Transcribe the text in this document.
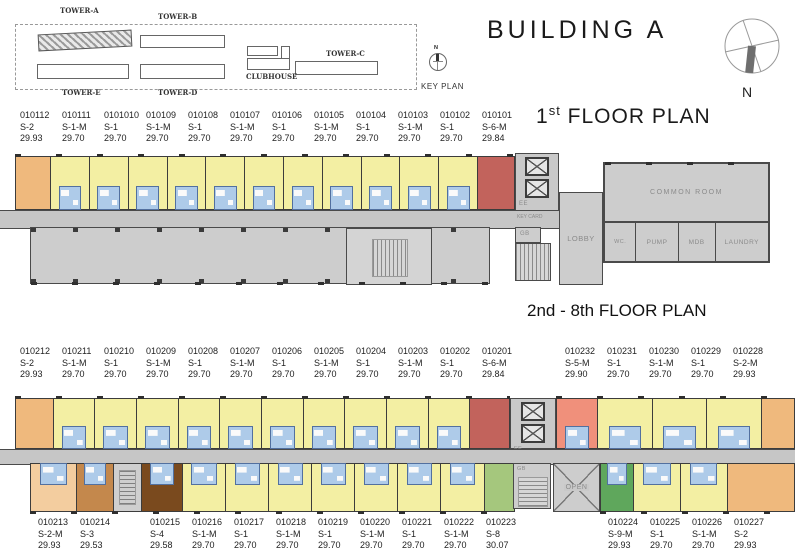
TOWER-A
TOWER-B
TOWER-C
TOWER-D
TOWER-E
CLUBHOUSE
N
KEY PLAN
BUILDING A
N
1st FLOOR PLAN
010112
S-2
29.93
010111
S-1-M
29.70
0101010
S-1
29.70
010109
S-1-M
29.70
010108
S-1
29.70
010107
S-1-M
29.70
010106
S-1
29.70
010105
S-1-M
29.70
010104
S-1
29.70
010103
S-1-M
29.70
010102
S-1
29.70
010101
S-6-M
29.84
EE
KEY CARD
GB	LOBBY
COMMON ROOM
WC.	PUMP	MDB	LAUNDRY
2nd - 8th FLOOR PLAN
010212
S-2
29.93
010211
S-1-M
29.70
010210
S-1
29.70
010209
S-1-M
29.70
010208
S-1
29.70
010207
S-1-M
29.70
010206
S-1
29.70
010205
S-1-M
29.70
010204
S-1
29.70
010203
S-1-M
29.70
010202
S-1
29.70
010201
S-6-M
29.84
010232
S-5-M
29.90
010231
S-1
29.70
010230
S-1-M
29.70
010229
S-1
29.70
010228
S-2-M
29.93
GB
OPEN
010213
S-2-M
29.93
010214
S-3
29.53
010215
S-4
29.58
010216
S-1-M
29.70
010217
S-1
29.70
010218
S-1-M
29.70
010219
S-1
29.70
010220
S-1-M
29.70
010221
S-1
29.70
010222
S-1-M
29.70
010223
S-8
30.07
010224
S-9-M
29.93
010225
S-1
29.70
010226
S-1-M
29.70
010227
S-2
29.93
